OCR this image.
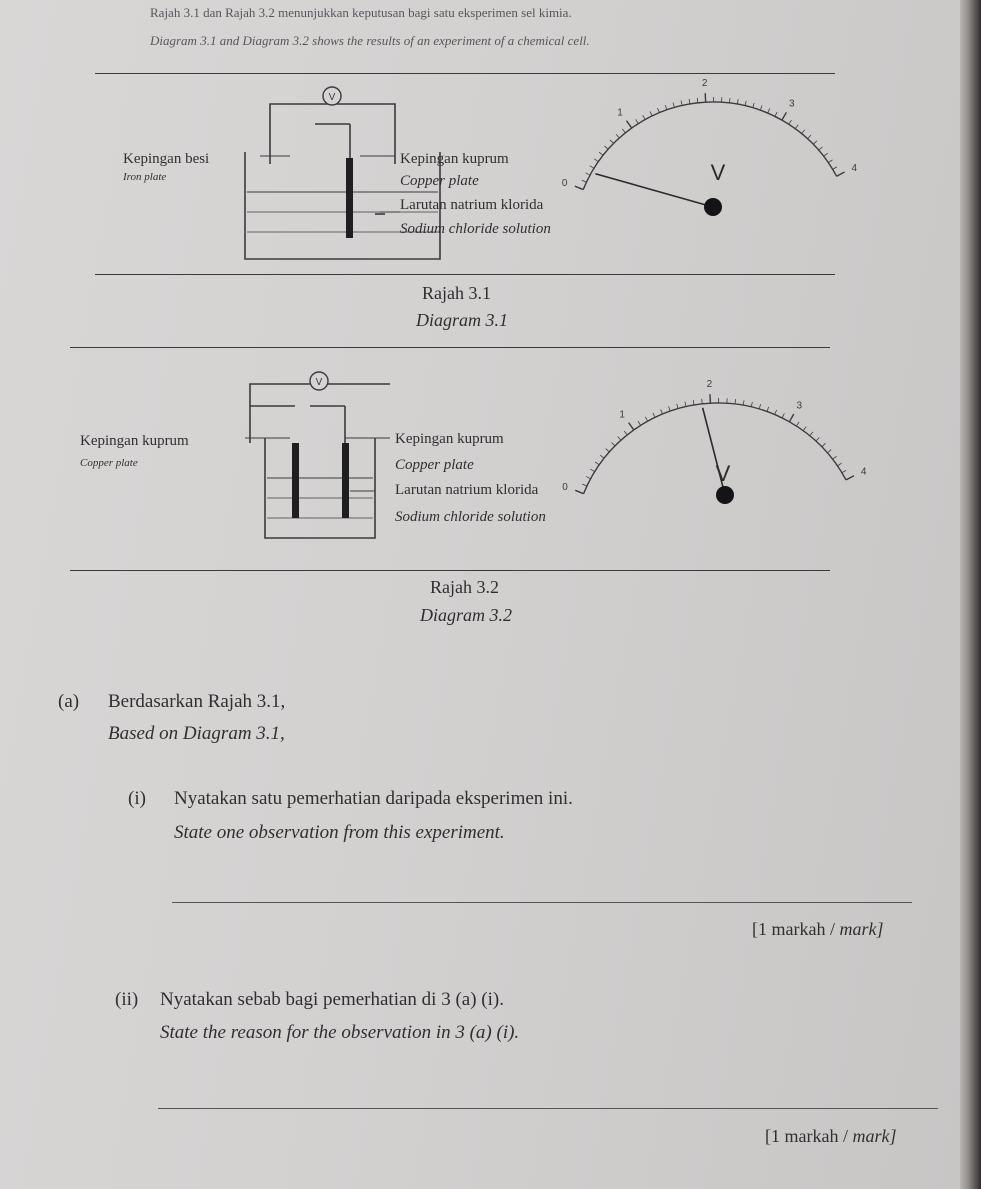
Rajah 3.1 dan Rajah 3.2 menunjukkan keputusan bagi satu eksperimen sel kimia.
Diagram 3.1 and Diagram 3.2 shows the results of an experiment of a chemical cell.
V
0
1
2
3
4
V
Kepingan besi
Iron plate
Kepingan kuprum
Copper plate
Larutan natrium klorida
Sodium chloride solution
Rajah 3.1
Diagram 3.1
V
0
1
2
3
4
V
Kepingan kuprum
Copper plate
Kepingan kuprum
Copper plate
Larutan natrium klorida
Sodium chloride solution
Rajah 3.2
Diagram 3.2
(a) Berdasarkan Rajah 3.1,
Based on Diagram 3.1,
(i) Nyatakan satu pemerhatian daripada eksperimen ini.
State one observation from this experiment.
[1 markah / mark]
(ii) Nyatakan sebab bagi pemerhatian di 3 (a) (i).
State the reason for the observation in 3 (a) (i).
[1 markah / mark]
